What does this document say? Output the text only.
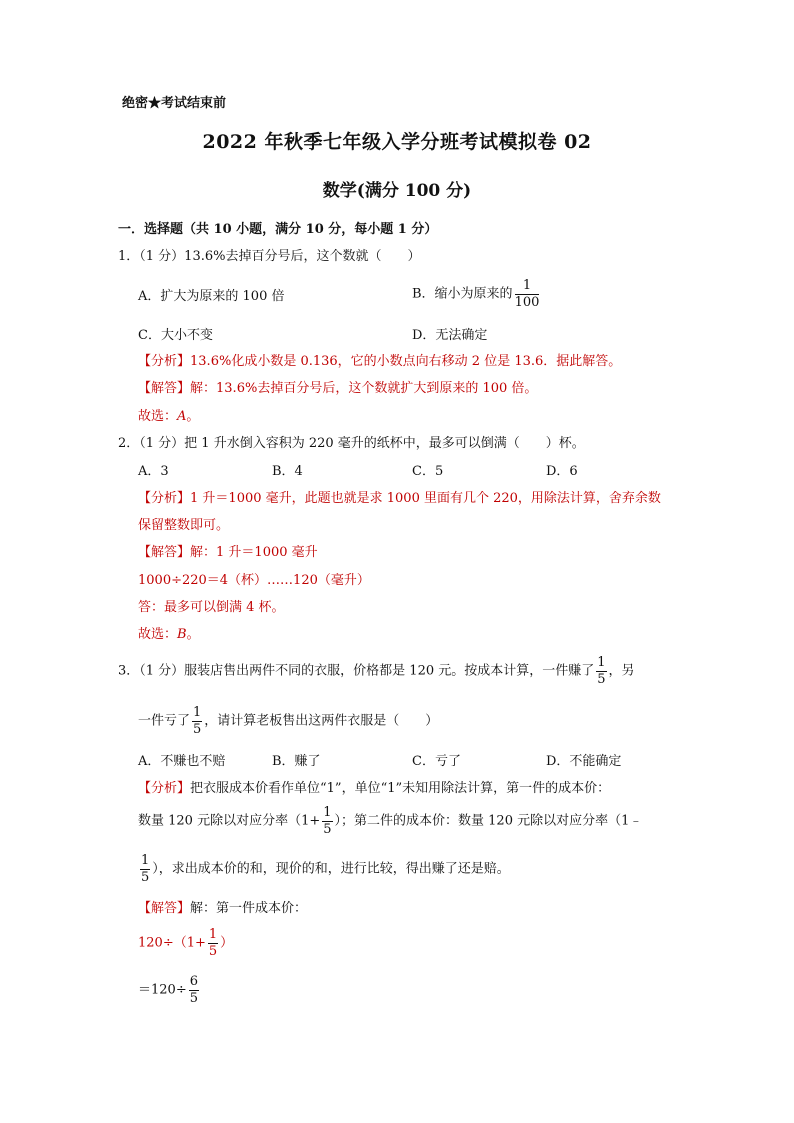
绝密★考试结束前
2022 年秋季七年级入学分班考试模拟卷 02
数学(满分 100 分)
一．选择题（共 10 小题，满分 10 分，每小题 1 分）
1．（1 分）13.6%去掉百分号后，这个数就（　　）
A．扩大为原来的 100 倍	B．缩小为原来的 $\frac{1}{100}$
C．大小不变	D．无法确定
【分析】13.6%化成小数是 0.136，它的小数点向右移动 2 位是 13.6．据此解答。
【解答】解：13.6%去掉百分号后，这个数就扩大到原来的 100 倍。
故选：A。
2．（1 分）把 1 升水倒入容积为 220 毫升的纸杯中，最多可以倒满（　　）杯。
A．3	B．4	C．5	D．6
【分析】1 升＝1000 毫升，此题也就是求 1000 里面有几个 220，用除法计算，舍弃余数
保留整数即可。
【解答】解：1 升＝1000 毫升
1000÷220＝4（杯）……120（毫升）
答：最多可以倒满 4 杯。
故选：B。
3．（1 分）服装店售出两件不同的衣服，价格都是 120 元。按成本计算，一件赚了 $\frac{1}{5}$ ，另
一件亏了 $\frac{1}{5}$ ，请计算老板售出这两件衣服是（　　）
A．不赚也不赔	B．赚了	C．亏了	D．不能确定
【分析】把衣服成本价看作单位“1”，单位“1”未知用除法计算，第一件的成本价：
数量 120 元除以对应分率（$1+ \frac{1}{5}$ ）；第二件的成本价：数量 120 元除以对应分率（1﹣
$\frac{1}{5}$ ），求出成本价的和，现价的和，进行比较，得出赚了还是赔。
【解答】解：第一件成本价：
$120\div(1+ \frac{1}{5}$ ）
$=120\div \frac{6}{5}$
